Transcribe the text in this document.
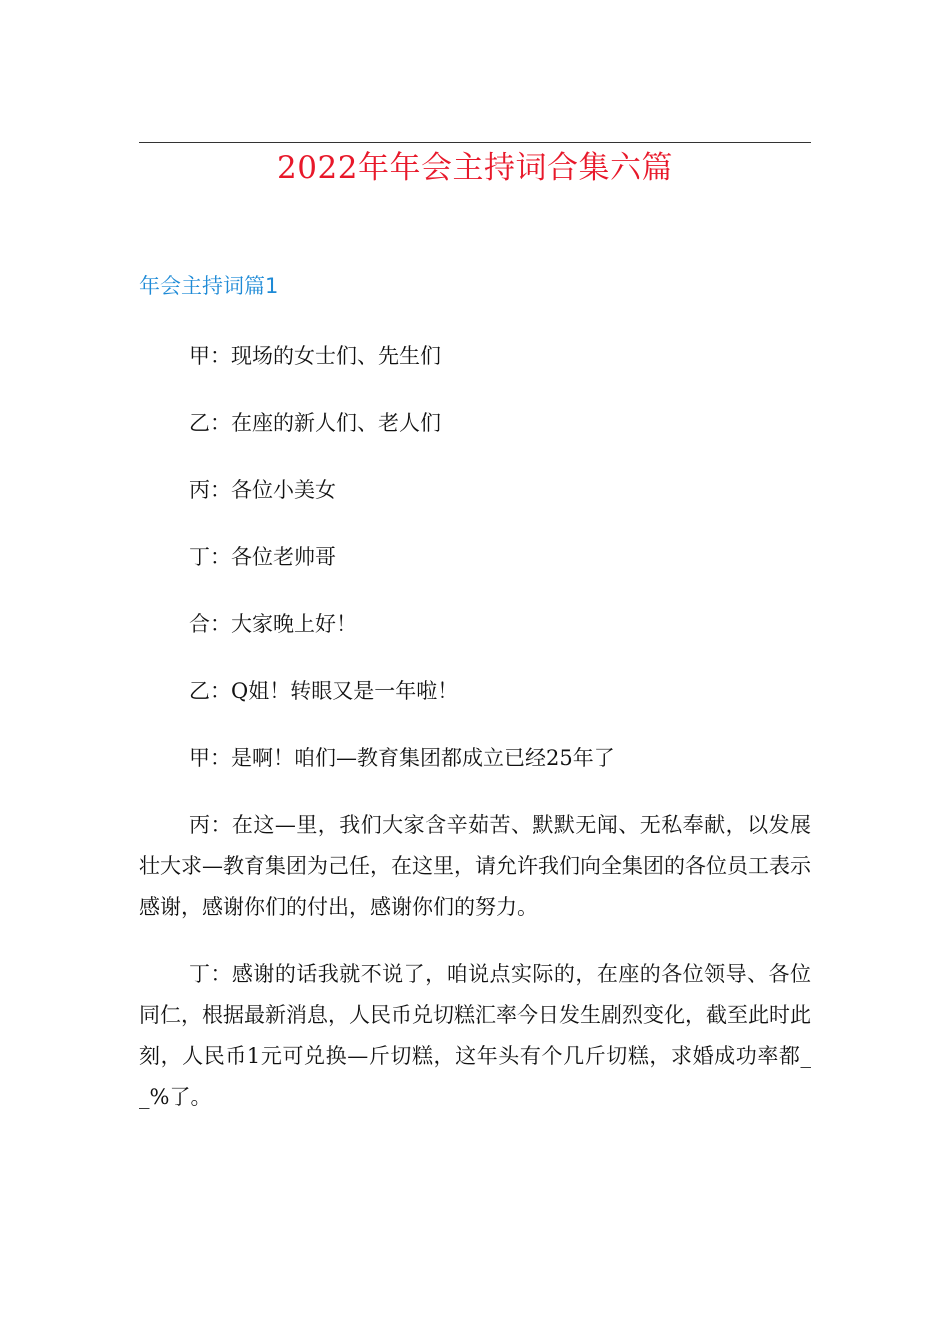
2022年年会主持词合集六篇
年会主持词篇1

甲：现场的女士们、先生们

乙：在座的新人们、老人们

丙：各位小美女

丁：各位老帅哥

合：大家晚上好！

乙：Q姐！转眼又是一年啦！

甲：是啊！咱们—教育集团都成立已经25年了

丙：在这—里，我们大家含辛茹苦、默默无闻、无私奉献，以发展壮大求—教育集团为己任，在这里，请允许我们向全集团的各位员工表示感谢，感谢你们的付出，感谢你们的努力。

丁：感谢的话我就不说了，咱说点实际的，在座的各位领导、各位同仁，根据最新消息，人民币兑切糕汇率今日发生剧烈变化，截至此时此刻，人民币1元可兑换—斤切糕，这年头有个几斤切糕，求婚成功率都__%了。
